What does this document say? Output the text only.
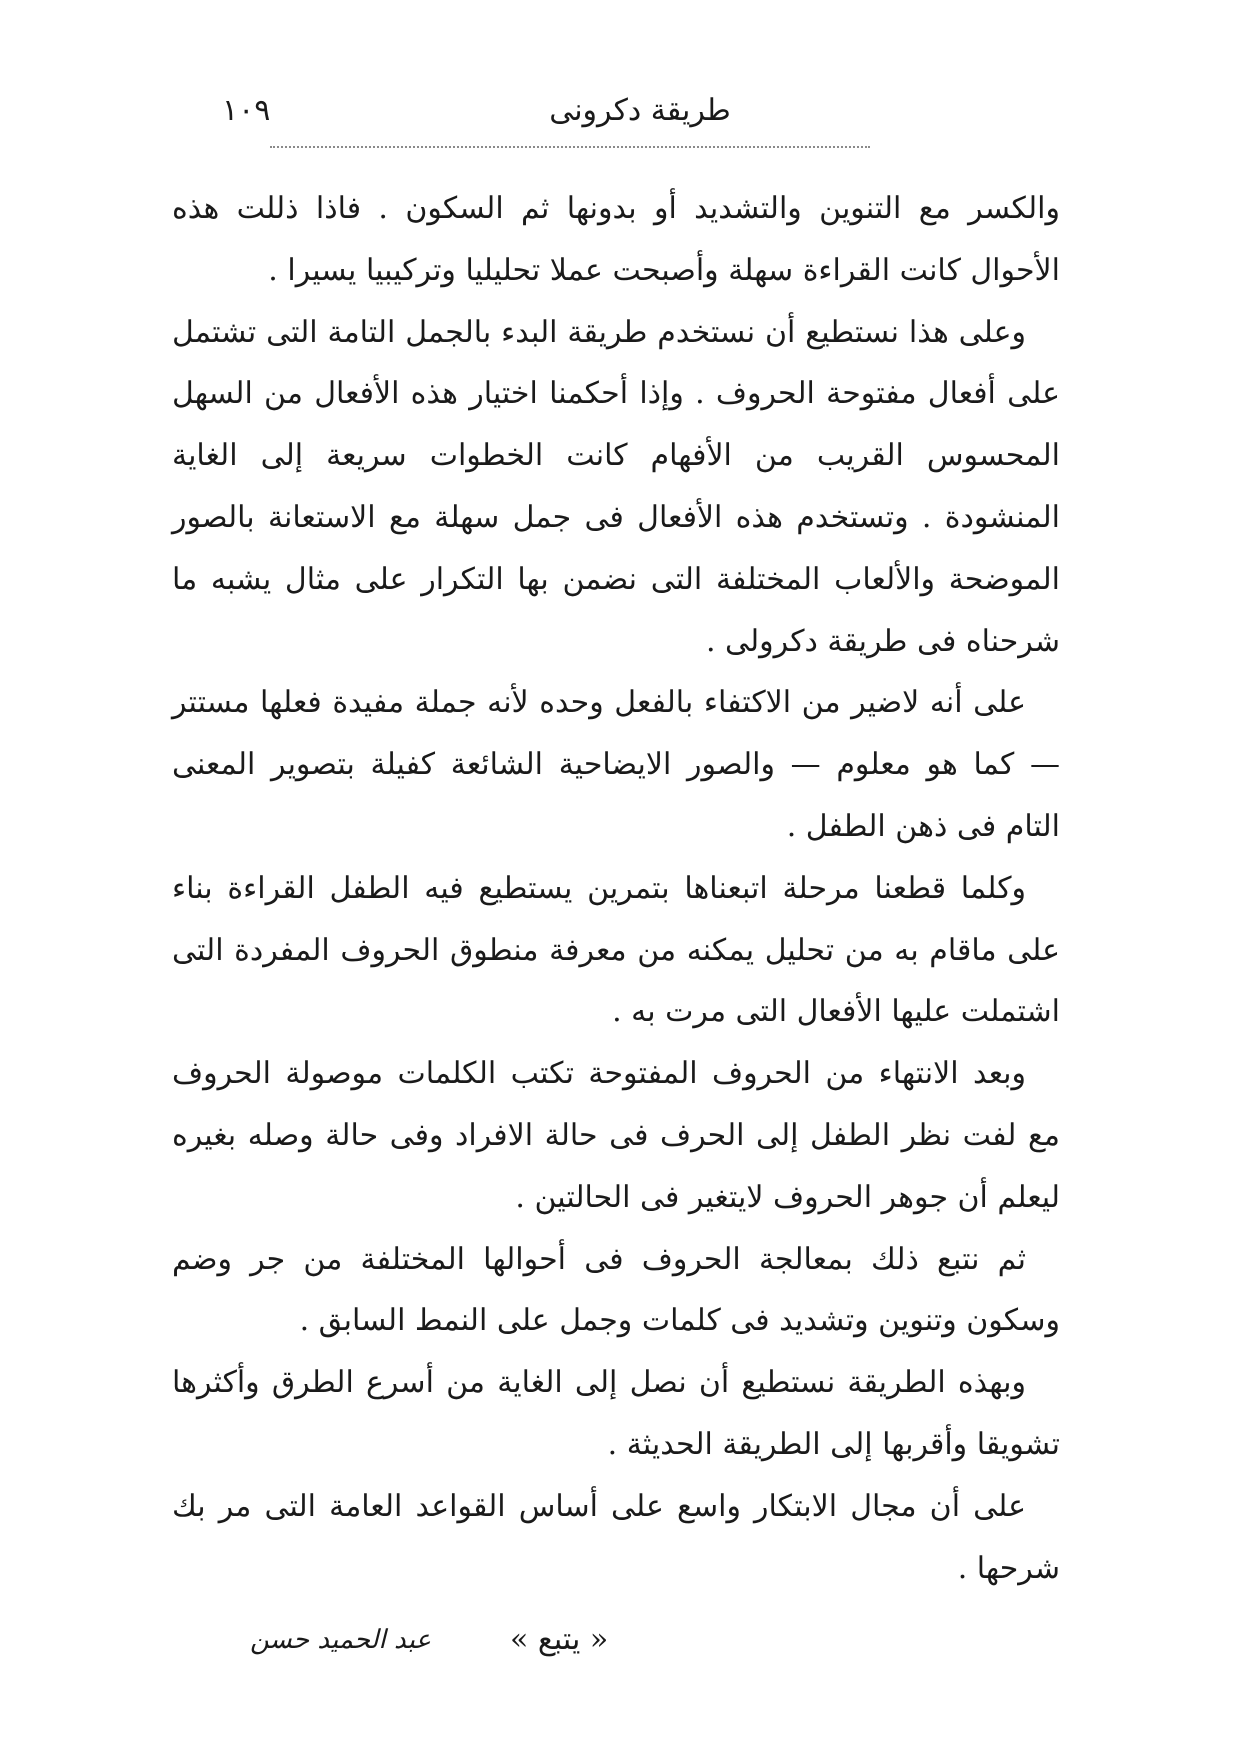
طريقة دكرونى
١٠٩

والكسر مع التنوين والتشديد أو بدونها ثم السكون . فاذا ذللت هذه الأحوال كانت القراءة سهلة وأصبحت عملا تحليليا وتركيبيا يسيرا .

وعلى هذا نستطيع أن نستخدم طريقة البدء بالجمل التامة التى تشتمل على أفعال مفتوحة الحروف . وإذا أحكمنا اختيار هذه الأفعال من السهل المحسوس القريب من الأفهام كانت الخطوات سريعة إلى الغاية المنشودة . وتستخدم هذه الأفعال فى جمل سهلة مع الاستعانة بالصور الموضحة والألعاب المختلفة التى نضمن بها التكرار على مثال يشبه ما شرحناه فى طريقة دكرولى .

على أنه لاضير من الاكتفاء بالفعل وحده لأنه جملة مفيدة فعلها مستتر — كما هو معلوم — والصور الايضاحية الشائعة كفيلة بتصوير المعنى التام فى ذهن الطفل .

وكلما قطعنا مرحلة اتبعناها بتمرين يستطيع فيه الطفل القراءة بناء على ماقام به من تحليل يمكنه من معرفة منطوق الحروف المفردة التى اشتملت عليها الأفعال التى مرت به .

وبعد الانتهاء من الحروف المفتوحة تكتب الكلمات موصولة الحروف مع لفت نظر الطفل إلى الحرف فى حالة الافراد وفى حالة وصله بغيره ليعلم أن جوهر الحروف لايتغير فى الحالتين .

ثم نتبع ذلك بمعالجة الحروف فى أحوالها المختلفة من جر وضم وسكون وتنوين وتشديد فى كلمات وجمل على النمط السابق .

وبهذه الطريقة نستطيع أن نصل إلى الغاية من أسرع الطرق وأكثرها تشويقا وأقربها إلى الطريقة الحديثة .

على أن مجال الابتكار واسع على أساس القواعد العامة التى مر بك شرحها .

« يتبع »
عبد الحميد حسن
